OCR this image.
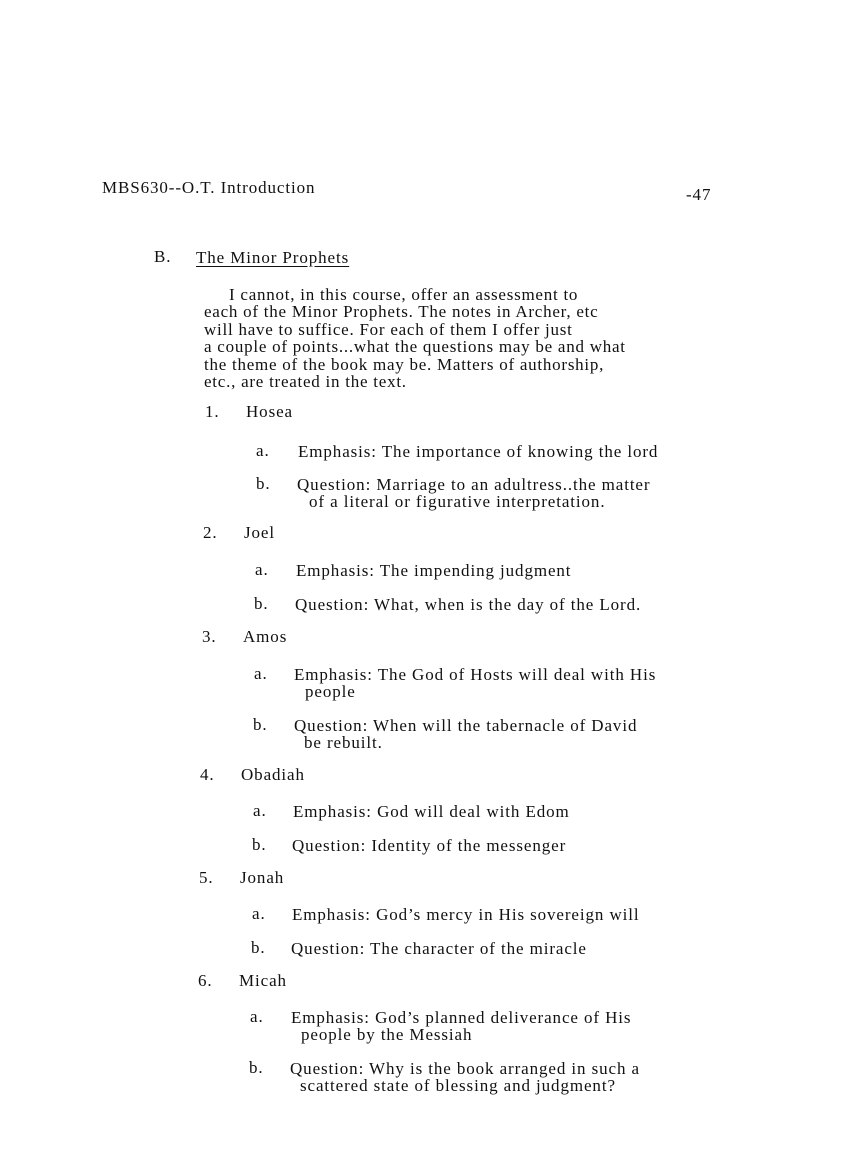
MBS630--O.T. Introduction	-47
B. The Minor Prophets
I cannot, in this course, offer an assessment to
each of the Minor Prophets. The notes in Archer, etc
will have to suffice. For each of them I offer just
a couple of points...what the questions may be and what
the theme of the book may be. Matters of authorship,
etc., are treated in the text.
1. Hosea
a. Emphasis: The importance of knowing the lord
b. Question: Marriage to an adultress..the matter
of a literal or figurative interpretation.
2. Joel
a. Emphasis: The impending judgment
b. Question: What, when is the day of the Lord.
3. Amos
a. Emphasis: The God of Hosts will deal with His
people
b. Question: When will the tabernacle of David
be rebuilt.
4. Obadiah
a. Emphasis: God will deal with Edom
b. Question: Identity of the messenger
5. Jonah
a. Emphasis: God’s mercy in His sovereign will
b. Question: The character of the miracle
6. Micah
a. Emphasis: God’s planned deliverance of His
people by the Messiah
b. Question: Why is the book arranged in such a
scattered state of blessing and judgment?
